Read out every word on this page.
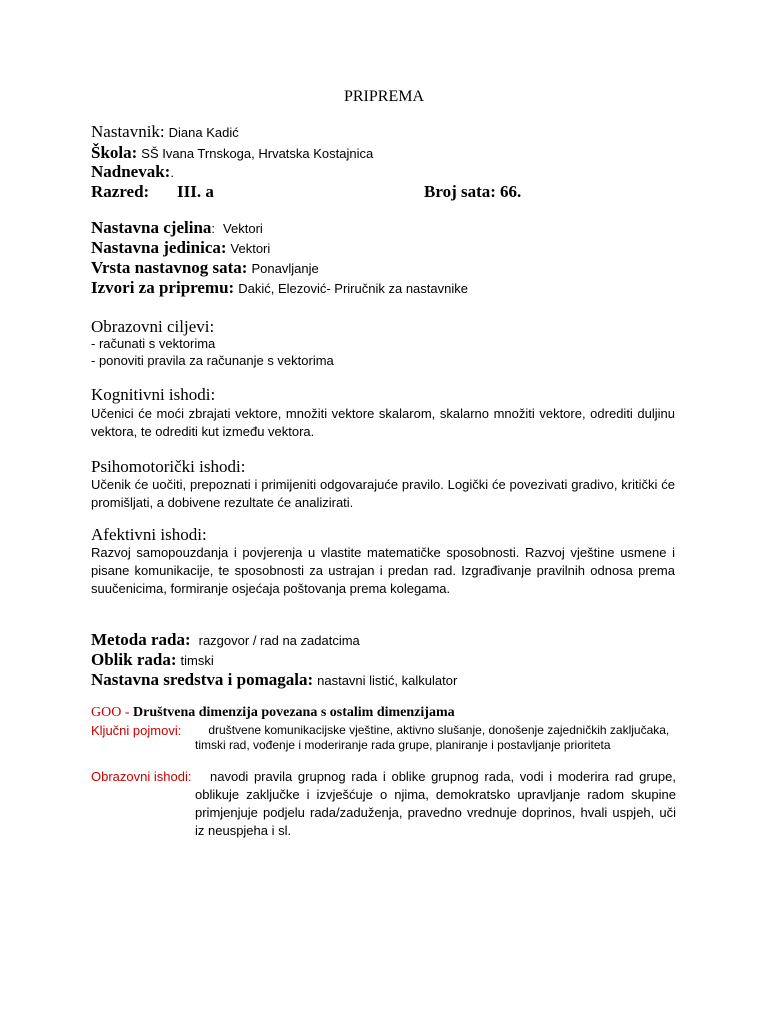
PRIPREMA
Nastavnik: Diana Kadić
Škola: SŠ Ivana Trnskoga, Hrvatska Kostajnica
Nadnevak:.
Razred: III. a	Broj sata: 66.
Nastavna cjelina: Vektori
Nastavna jedinica: Vektori
Vrsta nastavnog sata: Ponavljanje
Izvori za pripremu: Dakić, Elezović- Priručnik za nastavnike
Obrazovni ciljevi:
- računati s vektorima
- ponoviti pravila za računanje s vektorima
Kognitivni ishodi:
Učenici će moći zbrajati vektore, množiti vektore skalarom, skalarno množiti vektore, odrediti duljinu vektora, te odrediti kut između vektora.
Psihomotorički ishodi:
Učenik će uočiti, prepoznati i primijeniti odgovarajuće pravilo. Logički će povezivati gradivo, kritički će promišljati, a dobivene rezultate će analizirati.
Afektivni ishodi:
Razvoj samopouzdanja i povjerenja u vlastite matematičke sposobnosti. Razvoj vještine usmene i pisane komunikacije, te sposobnosti za ustrajan i predan rad. Izgrađivanje pravilnih odnosa prema suučenicima, formiranje osjećaja poštovanja prema kolegama.
Metoda rada: razgovor / rad na zadatcima
Oblik rada: timski
Nastavna sredstva i pomagala: nastavni listić, kalkulator
GOO - Društvena dimenzija povezana s ostalim dimenzijama
Ključni pojmovi:	društvene komunikacijske vještine, aktivno slušanje, donošenje zajedničkih zaključaka, timski rad, vođenje i moderiranje rada grupe, planiranje i postavljanje prioriteta
Obrazovni ishodi:	navodi pravila grupnog rada i oblike grupnog rada, vodi i moderira rad grupe, oblikuje zaključke i izvješćuje o njima, demokratsko upravljanje radom skupine primjenjuje podjelu rada/zaduženja, pravedno vrednuje doprinos, hvali uspjeh, uči iz neuspjeha i sl.
